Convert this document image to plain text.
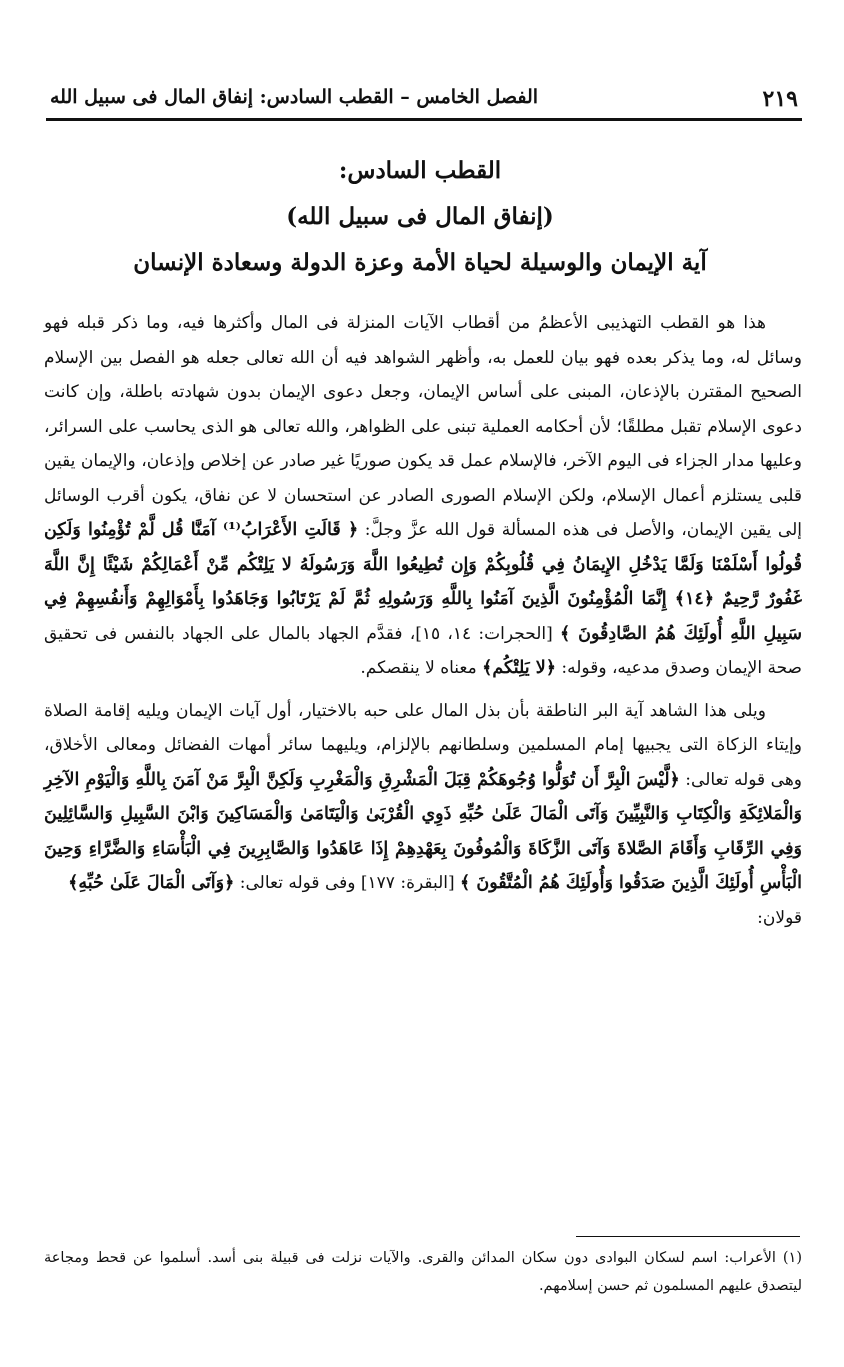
٢١٩
الفصل الخامس – القطب السادس: إنفاق المال فى سبيل الله
القطب السادس:
(إنفاق المال فى سبيل الله)
آية الإيمان والوسيلة لحياة الأمة وعزة الدولة وسعادة الإنسان

هذا هو القطب التهذيبى الأعظمُ من أقطاب الآيات المنزلة فى المال وأكثرها فيه، وما ذكر قبله فهو وسائل له، وما يذكر بعده فهو بيان للعمل به، وأظهر الشواهد فيه أن الله تعالى جعله هو الفصل بين الإسلام الصحيح المقترن بالإذعان، المبنى على أساس الإيمان، وجعل دعوى الإيمان بدون شهادته باطلة، وإن كانت دعوى الإسلام تقبل مطلقًا؛ لأن أحكامه العملية تبنى على الظواهر، والله تعالى هو الذى يحاسب على السرائر، وعليها مدار الجزاء فى اليوم الآخر، فالإسلام عمل قد يكون صوريًا غير صادر عن إخلاص وإذعان، والإيمان يقين قلبى يستلزم أعمال الإسلام، ولكن الإسلام الصورى الصادر عن استحسان لا عن نفاق، يكون أقرب الوسائل إلى يقين الإيمان، والأصل فى هذه المسألة قول الله عزَّ وجلَّ: ﴿ قَالَتِ الأَعْرَابُ⁽¹⁾ آمَنَّا قُل لَّمْ تُؤْمِنُوا وَلَكِن قُولُوا أَسْلَمْنَا وَلَمَّا يَدْخُلِ الإِيمَانُ فِي قُلُوبِكُمْ وَإِن تُطِيعُوا اللَّهَ وَرَسُولَهُ لا يَلِتْكُم مِّنْ أَعْمَالِكُمْ شَيْئًا إِنَّ اللَّهَ غَفُورٌ رَّحِيمٌ ﴿١٤﴾ إِنَّمَا الْمُؤْمِنُونَ الَّذِينَ آمَنُوا بِاللَّهِ وَرَسُولِهِ ثُمَّ لَمْ يَرْتَابُوا وَجَاهَدُوا بِأَمْوَالِهِمْ وَأَنفُسِهِمْ فِي سَبِيلِ اللَّهِ أُولَئِكَ هُمُ الصَّادِقُونَ ﴾ [الحجرات: ١٤، ١٥]، فقدَّم الجهاد بالمال على الجهاد بالنفس فى تحقيق صحة الإيمان وصدق مدعيه، وقوله: ﴿لا يَلِتْكُم﴾ معناه لا ينقصكم.

ويلى هذا الشاهد آية البر الناطقة بأن بذل المال على حبه بالاختيار، أول آيات الإيمان ويليه إقامة الصلاة وإيتاء الزكاة التى يجبيها إمام المسلمين وسلطانهم بالإلزام، ويليهما سائر أمهات الفضائل ومعالى الأخلاق، وهى قوله تعالى: ﴿لَّيْسَ الْبِرَّ أَن تُوَلُّوا وُجُوهَكُمْ قِبَلَ الْمَشْرِقِ وَالْمَغْرِبِ وَلَكِنَّ الْبِرَّ مَنْ آمَنَ بِاللَّهِ وَالْيَوْمِ الآخِرِ وَالْمَلائِكَةِ وَالْكِتَابِ وَالنَّبِيِّينَ وَآتَى الْمَالَ عَلَىٰ حُبِّهِ ذَوِي الْقُرْبَىٰ وَالْيَتَامَىٰ وَالْمَسَاكِينَ وَابْنَ السَّبِيلِ وَالسَّائِلِينَ وَفِي الرِّقَابِ وَأَقَامَ الصَّلاةَ وَآتَى الزَّكَاةَ وَالْمُوفُونَ بِعَهْدِهِمْ إِذَا عَاهَدُوا وَالصَّابِرِينَ فِي الْبَأْسَاءِ وَالضَّرَّاءِ وَحِينَ الْبَأْسِ أُولَئِكَ الَّذِينَ صَدَقُوا وَأُولَئِكَ هُمُ الْمُتَّقُونَ ﴾ [البقرة: ١٧٧] وفى قوله تعالى: ﴿وَآتَى الْمَالَ عَلَىٰ حُبِّهِ﴾
قولان:

(١) الأعراب: اسم لسكان البوادى دون سكان المدائن والقرى. والآيات نزلت فى قبيلة بنى أسد. أسلموا عن قحط ومجاعة ليتصدق عليهم المسلمون ثم حسن إسلامهم.
